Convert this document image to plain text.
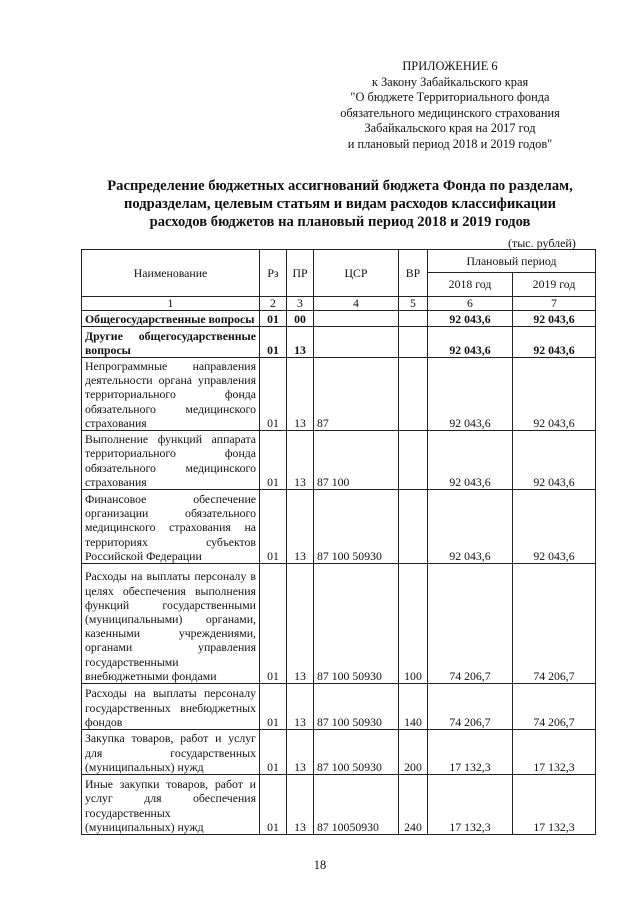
ПРИЛОЖЕНИЕ 6
к Закону Забайкальского края
"О бюджете Территориального фонда
обязательного медицинского страхования
Забайкальского края на 2017 год
и плановый период 2018 и 2019 годов"
Распределение бюджетных ассигнований бюджета Фонда по разделам,
подразделам, целевым статьям и видам расходов классификации
расходов бюджетов на плановый период 2018 и 2019 годов
(тыс. рублей)
Наименование	Рз	ПР	ЦСР	ВР	Плановый период	
					2018 год	2019 год
1	2	3	4	5	6	7
Общегосударственные вопросы	01	00			92 043,6	92 043,6
Другие общегосударственные вопросы	01	13			92 043,6	92 043,6
Непрограммные направления деятельности органа управления территориального фонда обязательного медицинского страхования	01	13	87		92 043,6	92 043,6
Выполнение функций аппарата территориального фонда обязательного медицинского страхования	01	13	87 100		92 043,6	92 043,6
Финансовое обеспечение организации обязательного медицинского страхования на территориях субъектов Российской Федерации	01	13	87 100 50930		92 043,6	92 043,6
Расходы на выплаты персоналу в целях обеспечения выполнения функций государственными (муниципальными) органами, казенными учреждениями, органами управления государственными внебюджетными фондами	01	13	87 100 50930	100	74 206,7	74 206,7
Расходы на выплаты персоналу государственных внебюджетных фондов	01	13	87 100 50930	140	74 206,7	74 206,7
Закупка товаров, работ и услуг для государственных (муниципальных) нужд	01	13	87 100 50930	200	17 132,3	17 132,3
Иные закупки товаров, работ и услуг для обеспечения государственных (муниципальных) нужд	01	13	87 10050930	240	17 132,3	17 132,3
18
